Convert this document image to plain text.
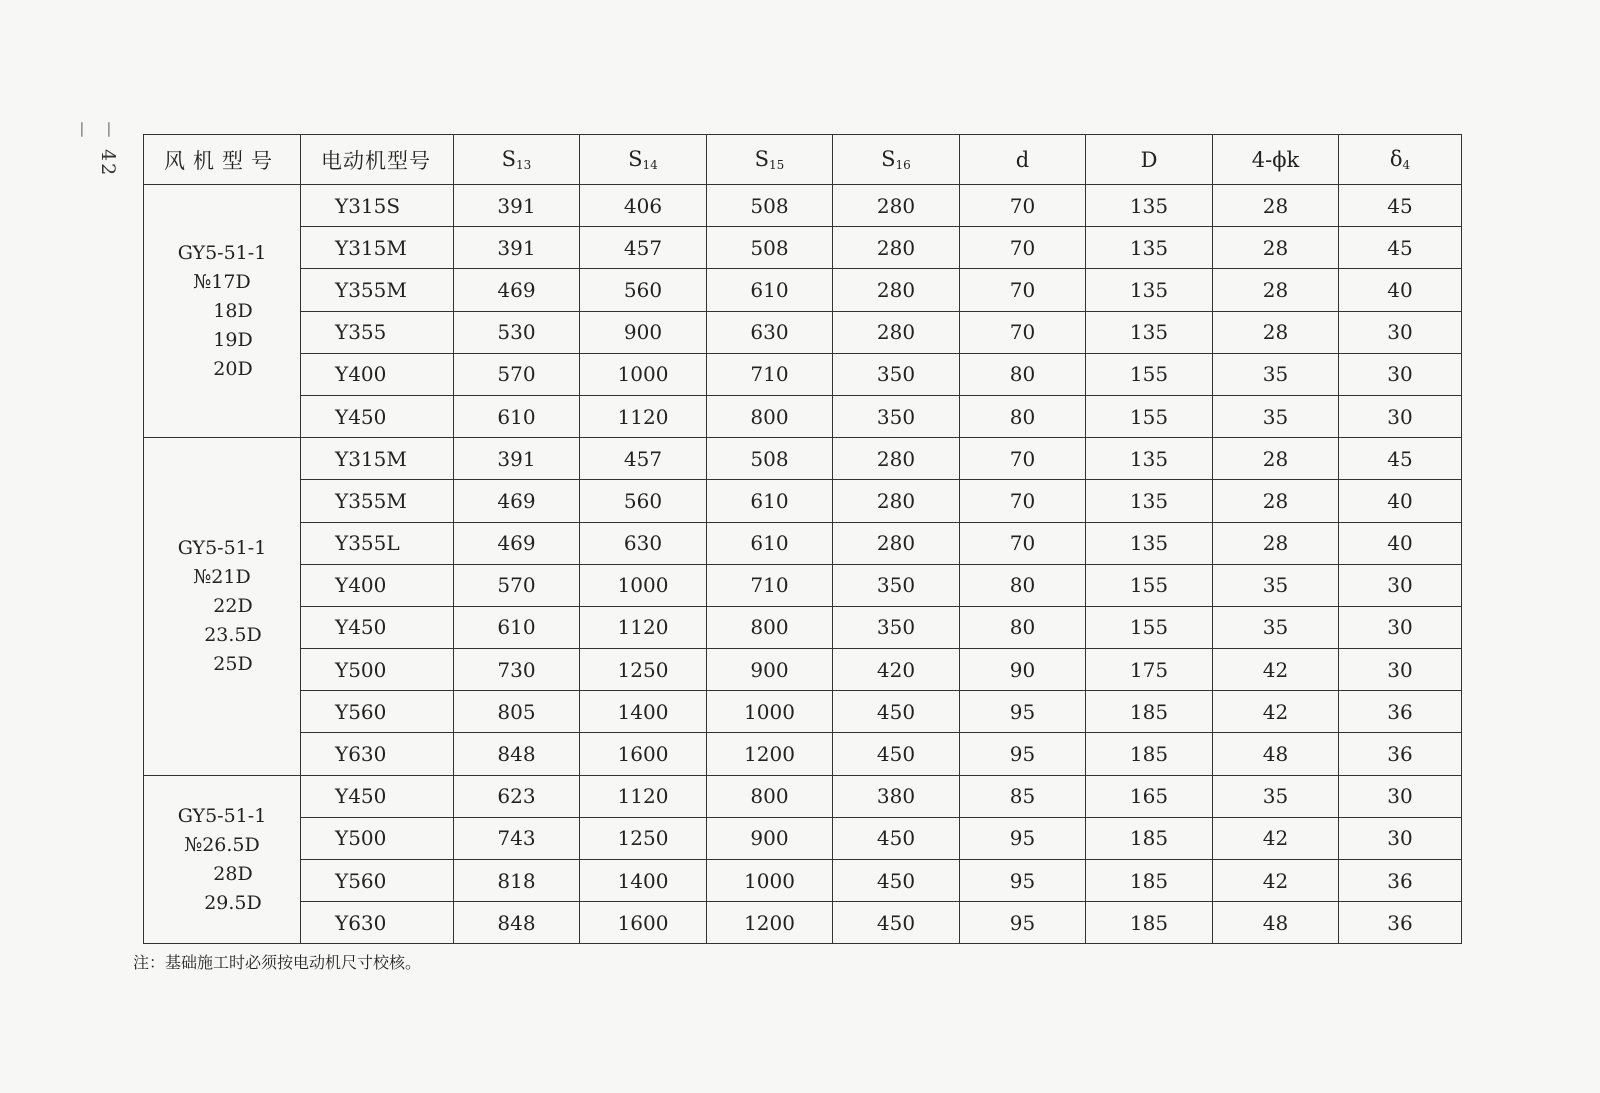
－ 42 －
风机型号	电动机型号	$S_{13}$	$S_{14}$	$S_{15}$	$S_{16}$	d	D	4-ϕk	$\delta_4$

GY5-51-1
№17D
18D
19D
20D	Y315S	391	406	508	280	70	135	28	45
	Y315M	391	457	508	280	70	135	28	45
	Y355M	469	560	610	280	70	135	28	40
	Y355	530	900	630	280	70	135	28	30
	Y400	570	1000	710	350	80	155	35	30
	Y450	610	1120	800	350	80	155	35	30

GY5-51-1
№21D
22D
23.5D
25D	Y315M	391	457	508	280	70	135	28	45
	Y355M	469	560	610	280	70	135	28	40
	Y355L	469	630	610	280	70	135	28	40
	Y400	570	1000	710	350	80	155	35	30
	Y450	610	1120	800	350	80	155	35	30
	Y500	730	1250	900	420	90	175	42	30
	Y560	805	1400	1000	450	95	185	42	36
	Y630	848	1600	1200	450	95	185	48	36

GY5-51-1
№26.5D
28D
29.5D	Y450	623	1120	800	380	85	165	35	30
	Y500	743	1250	900	450	95	185	42	30
	Y560	818	1400	1000	450	95	185	42	36
	Y630	848	1600	1200	450	95	185	48	36
注：基础施工时必须按电动机尺寸校核。
